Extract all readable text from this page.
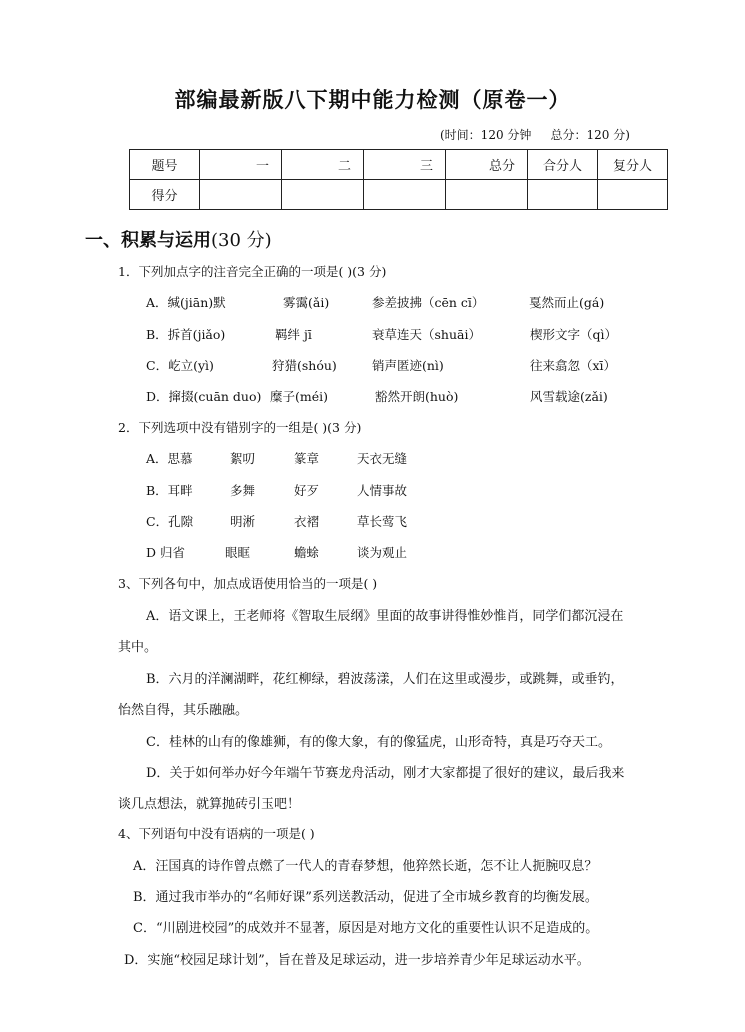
部编最新版八下期中能力检测（原卷一）
(时间：120 分钟     总分：120 分)
题号	一	二	三	总分	合分人	复分人
得分						
一、积累与运用(30 分)
1．下列加点字的注音完全正确的一项是( )(3 分)
A．缄(jiān)默	雾霭(ǎi)	参差披拂（cēn cī）	戛然而止(gá)
B．拆首(jiǎo)	羁绊 jī	衰草连天（shuāi）	楔形文字（qì）
C．屹立(yì)	狩猎(shóu)	销声匿迹(nì)	往来翕忽（xī）
D．撺掇(cuān duo) 糜子(méi)	豁然开朗(huò)	风雪载途(zǎi)
2．下列选项中没有错别字的一组是( )(3 分)
A．思慕	絮叨	篆章	天衣无缝
B．耳畔	多舞	好歹	人情事故
C．孔隙	明淅	衣褶	草长莺飞
D 归省	眼眶	蟾蜍	谈为观止
3、下列各句中，加点成语使用恰当的一项是( )
A．语文课上，王老师将《智取生辰纲》里面的故事讲得惟妙惟肖，同学们都沉浸在
其中。
B．六月的洋澜湖畔，花红柳绿，碧波荡漾，人们在这里或漫步，或跳舞，或垂钓，
怡然自得，其乐融融。
C．桂林的山有的像雄狮，有的像大象，有的像猛虎，山形奇特，真是巧夺天工。
D．关于如何举办好今年端午节赛龙舟活动，刚才大家都提了很好的建议，最后我来
谈几点想法，就算抛砖引玉吧！
4、下列语句中没有语病的一项是( )
A．汪国真的诗作曾点燃了一代人的青春梦想，他猝然长逝，怎不让人扼腕叹息？
B．通过我市举办的“名师好课”系列送教活动，促进了全市城乡教育的均衡发展。
C．“川剧进校园”的成效并不显著，原因是对地方文化的重要性认识不足造成的。
D．实施“校园足球计划”，旨在普及足球运动，进一步培养青少年足球运动水平。
